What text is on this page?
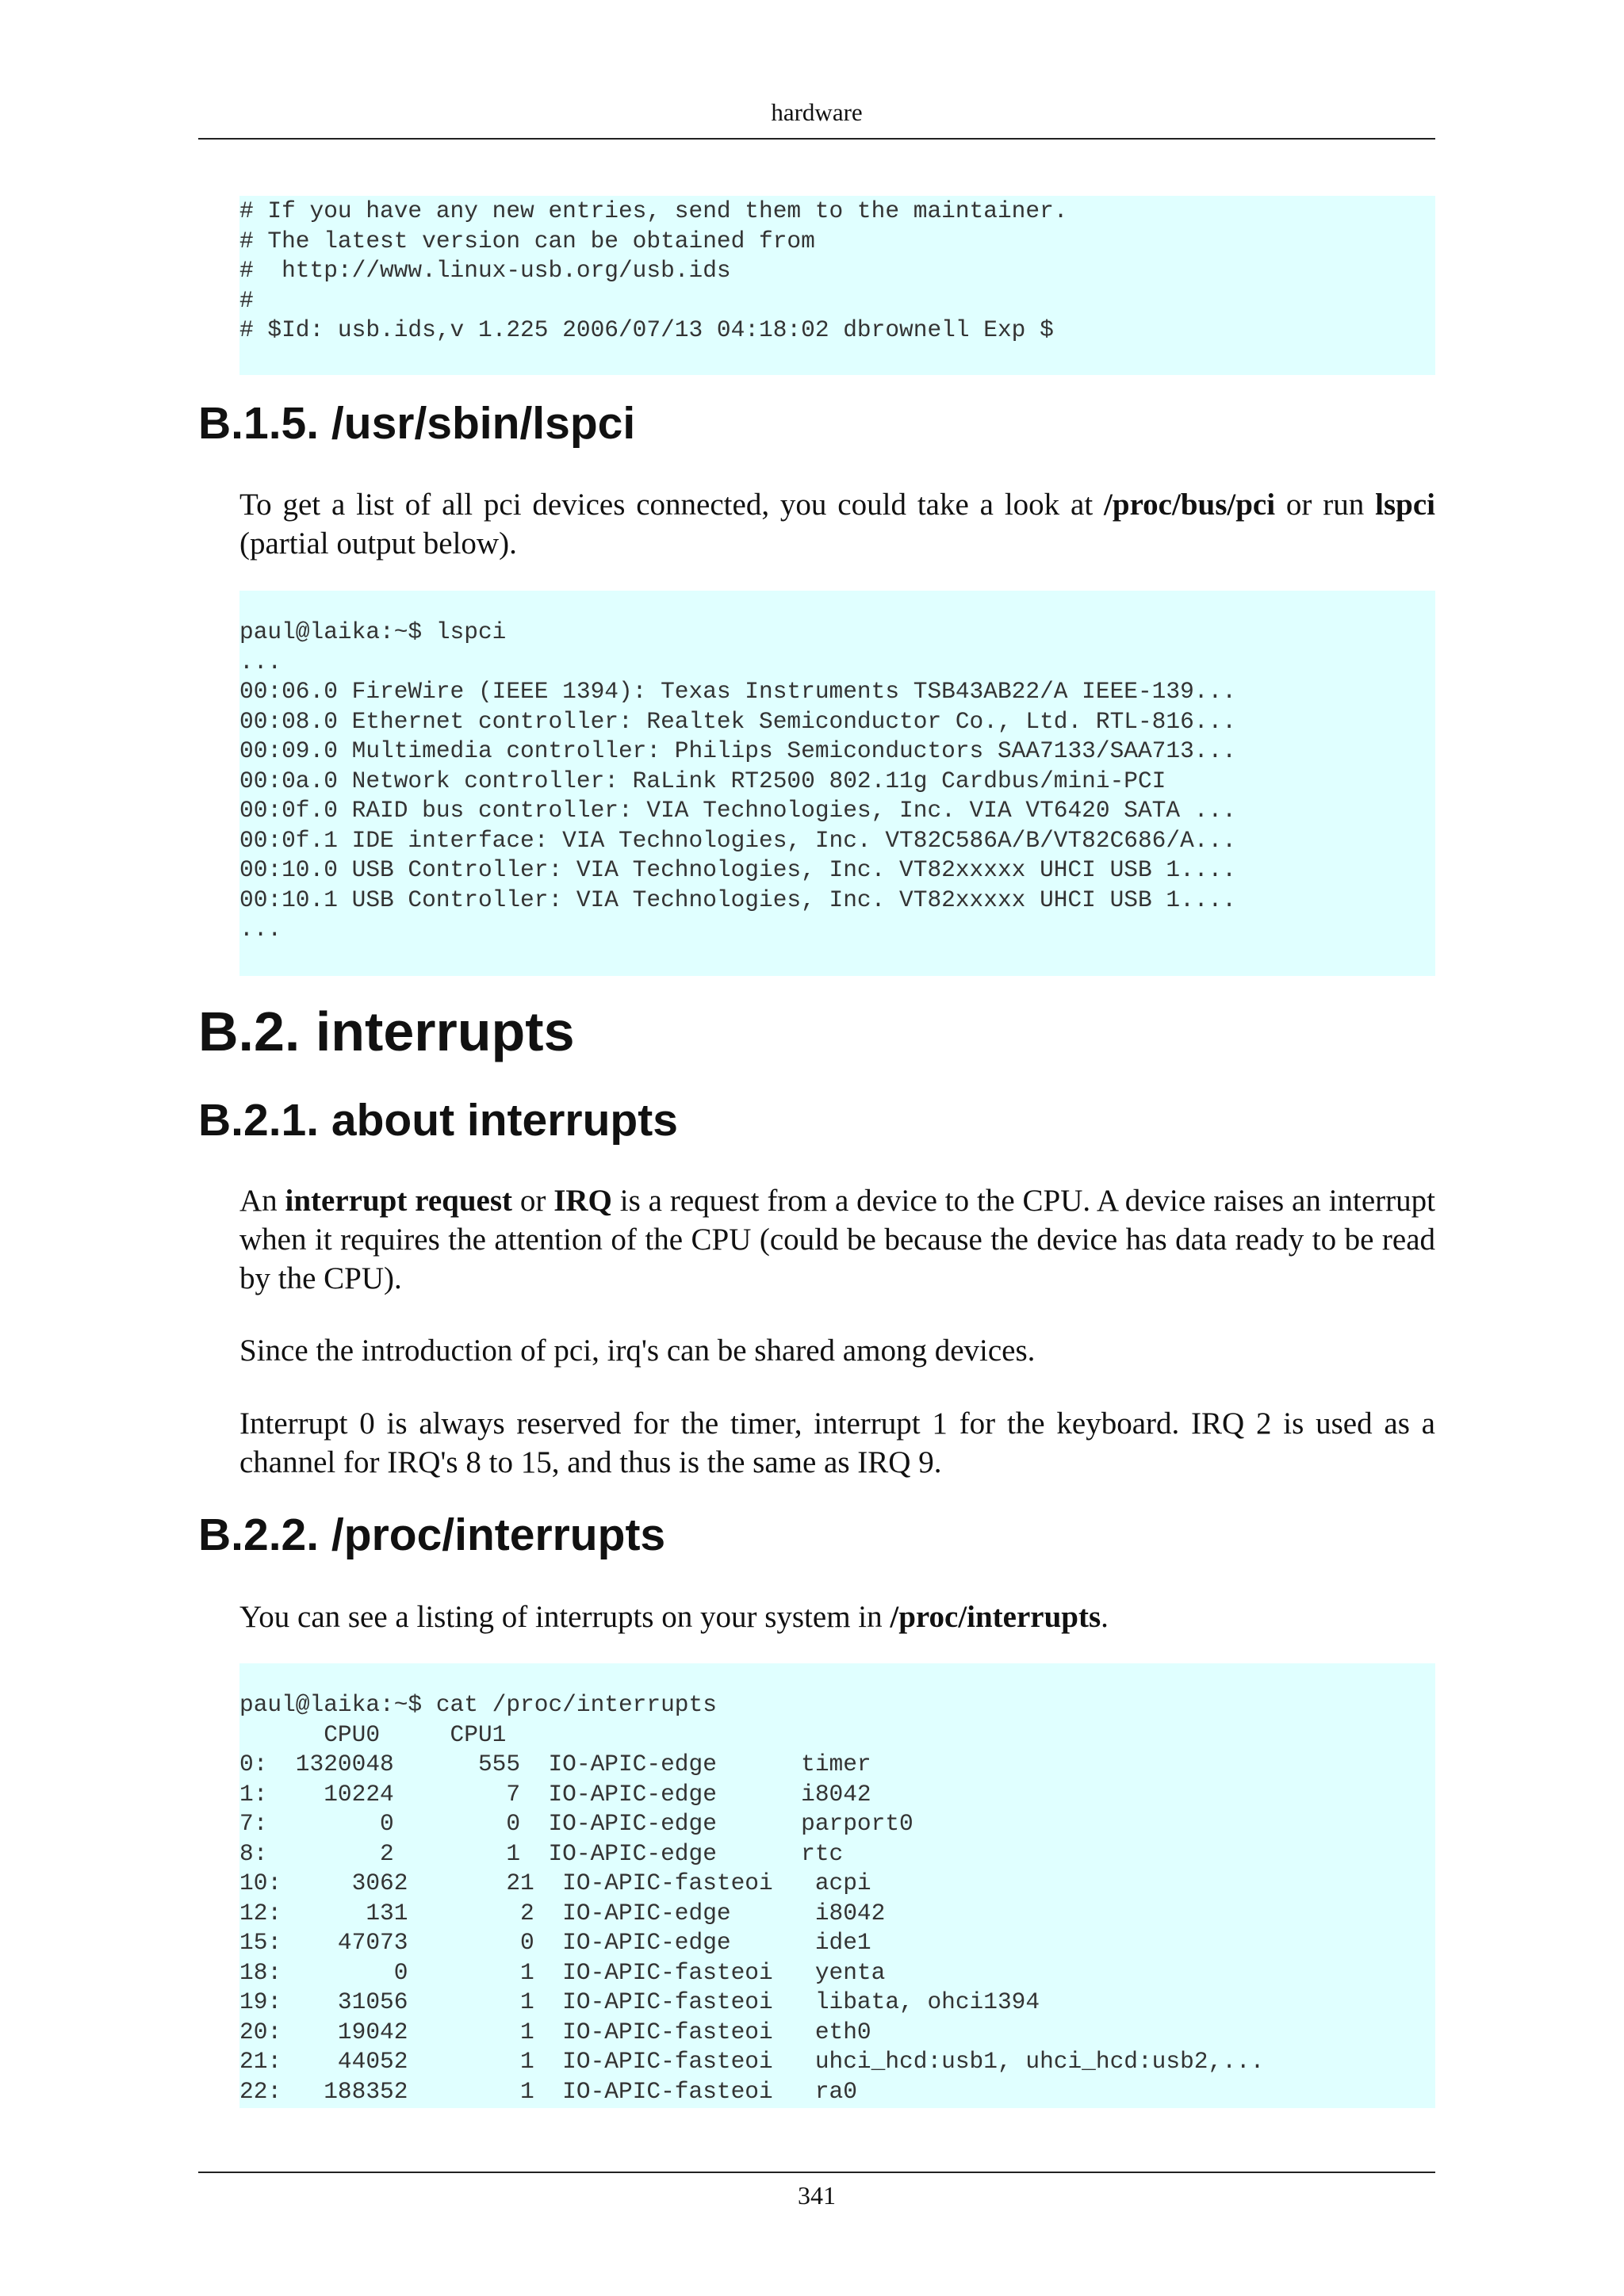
hardware
# If you have any new entries, send them to the maintainer.
# The latest version can be obtained from
#  http://www.linux-usb.org/usb.ids
#
# $Id: usb.ids,v 1.225 2006/07/13 04:18:02 dbrownell Exp $
B.1.5. /usr/sbin/lspci

To get a list of all pci devices connected, you could take a look at /proc/bus/pci or run lspci (partial output below).

paul@laika:~$ lspci
...
00:06.0 FireWire (IEEE 1394): Texas Instruments TSB43AB22/A IEEE-139...
00:08.0 Ethernet controller: Realtek Semiconductor Co., Ltd. RTL-816...
00:09.0 Multimedia controller: Philips Semiconductors SAA7133/SAA713...
00:0a.0 Network controller: RaLink RT2500 802.11g Cardbus/mini-PCI
00:0f.0 RAID bus controller: VIA Technologies, Inc. VIA VT6420 SATA ...
00:0f.1 IDE interface: VIA Technologies, Inc. VT82C586A/B/VT82C686/A...
00:10.0 USB Controller: VIA Technologies, Inc. VT82xxxxx UHCI USB 1....
00:10.1 USB Controller: VIA Technologies, Inc. VT82xxxxx UHCI USB 1....
...
B.2. interrupts
B.2.1. about interrupts

An interrupt request or IRQ is a request from a device to the CPU. A device raises an interrupt when it requires the attention of the CPU (could be because the device has data ready to be read by the CPU).

Since the introduction of pci, irq's can be shared among devices.

Interrupt 0 is always reserved for the timer, interrupt 1 for the keyboard. IRQ 2 is used as a channel for IRQ's 8 to 15, and thus is the same as IRQ 9.

B.2.2. /proc/interrupts

You can see a listing of interrupts on your system in /proc/interrupts.

paul@laika:~$ cat /proc/interrupts
CPU0     CPU1
0:  1320048      555  IO-APIC-edge      timer
1:    10224        7  IO-APIC-edge      i8042
7:        0        0  IO-APIC-edge      parport0
8:        2        1  IO-APIC-edge      rtc
10:     3062       21  IO-APIC-fasteoi   acpi
12:      131        2  IO-APIC-edge      i8042
15:    47073        0  IO-APIC-edge      ide1
18:        0        1  IO-APIC-fasteoi   yenta
19:    31056        1  IO-APIC-fasteoi   libata, ohci1394
20:    19042        1  IO-APIC-fasteoi   eth0
21:    44052        1  IO-APIC-fasteoi   uhci_hcd:usb1, uhci_hcd:usb2,...
22:   188352        1  IO-APIC-fasteoi   ra0
341
